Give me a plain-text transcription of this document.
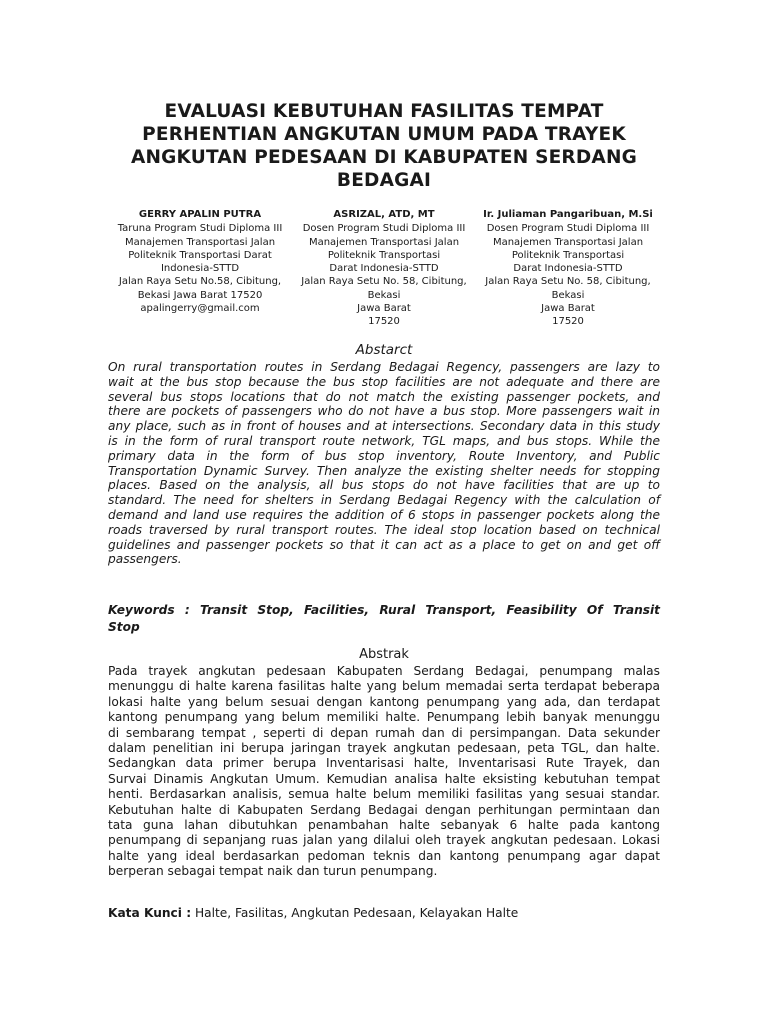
EVALUASI KEBUTUHAN FASILITAS TEMPAT
PERHENTIAN ANGKUTAN UMUM PADA TRAYEK
ANGKUTAN PEDESAAN DI KABUPATEN SERDANG
BEDAGAI
GERRY APALIN PUTRA
Taruna Program Studi Diploma III
Manajemen Transportasi Jalan
Politeknik Transportasi Darat
Indonesia-STTD
Jalan Raya Setu No.58, Cibitung,
Bekasi Jawa Barat 17520
apalingerry@gmail.com
ASRIZAL, ATD, MT
Dosen Program Studi Diploma III
Manajemen Transportasi Jalan
Politeknik Transportasi
Darat Indonesia-STTD
Jalan Raya Setu No. 58, Cibitung,
Bekasi
Jawa Barat
17520
Ir. Juliaman Pangaribuan, M.Si
Dosen Program Studi Diploma III
Manajemen Transportasi Jalan
Politeknik Transportasi
Darat Indonesia-STTD
Jalan Raya Setu No. 58, Cibitung,
Bekasi
Jawa Barat
17520
Abstarct
On rural transportation routes in Serdang Bedagai Regency, passengers are lazy to
wait at the bus stop because the bus stop facilities are not adequate and there are
several bus stops locations that do not match the existing passenger pockets, and
there are pockets of passengers who do not have a bus stop. More passengers wait in
any place, such as in front of houses and at intersections. Secondary data in this study
is in the form of rural transport route network, TGL maps, and bus stops. While the
primary data in the form of bus stop inventory, Route Inventory, and Public
Transportation Dynamic Survey. Then analyze the existing shelter needs for stopping
places. Based on the analysis, all bus stops do not have facilities that are up to
standard. The need for shelters in Serdang Bedagai Regency with the calculation of
demand and land use requires the addition of 6 stops in passenger pockets along the
roads traversed by rural transport routes. The ideal stop location based on technical
guidelines and passenger pockets so that it can act as a place to get on and get off
passengers.
Keywords : Transit Stop, Facilities, Rural Transport, Feasibility Of Transit
Stop
Abstrak
Pada trayek angkutan pedesaan Kabupaten Serdang Bedagai, penumpang malas
menunggu di halte karena fasilitas halte yang belum memadai serta terdapat beberapa
lokasi halte yang belum sesuai dengan kantong penumpang yang ada, dan terdapat
kantong penumpang yang belum memiliki halte. Penumpang lebih banyak menunggu
di sembarang tempat , seperti di depan rumah dan di persimpangan. Data sekunder
dalam penelitian ini berupa jaringan trayek angkutan pedesaan, peta TGL, dan halte.
Sedangkan data primer berupa Inventarisasi halte, Inventarisasi Rute Trayek, dan
Survai Dinamis Angkutan Umum. Kemudian analisa halte eksisting kebutuhan tempat
henti. Berdasarkan analisis, semua halte belum memiliki fasilitas yang sesuai standar.
Kebutuhan halte di Kabupaten Serdang Bedagai dengan perhitungan permintaan dan
tata guna lahan dibutuhkan penambahan halte sebanyak 6 halte pada kantong
penumpang di sepanjang ruas jalan yang dilalui oleh trayek angkutan pedesaan. Lokasi
halte yang ideal berdasarkan pedoman teknis dan kantong penumpang agar dapat
berperan sebagai tempat naik dan turun penumpang.
Kata Kunci : Halte, Fasilitas, Angkutan Pedesaan, Kelayakan Halte
